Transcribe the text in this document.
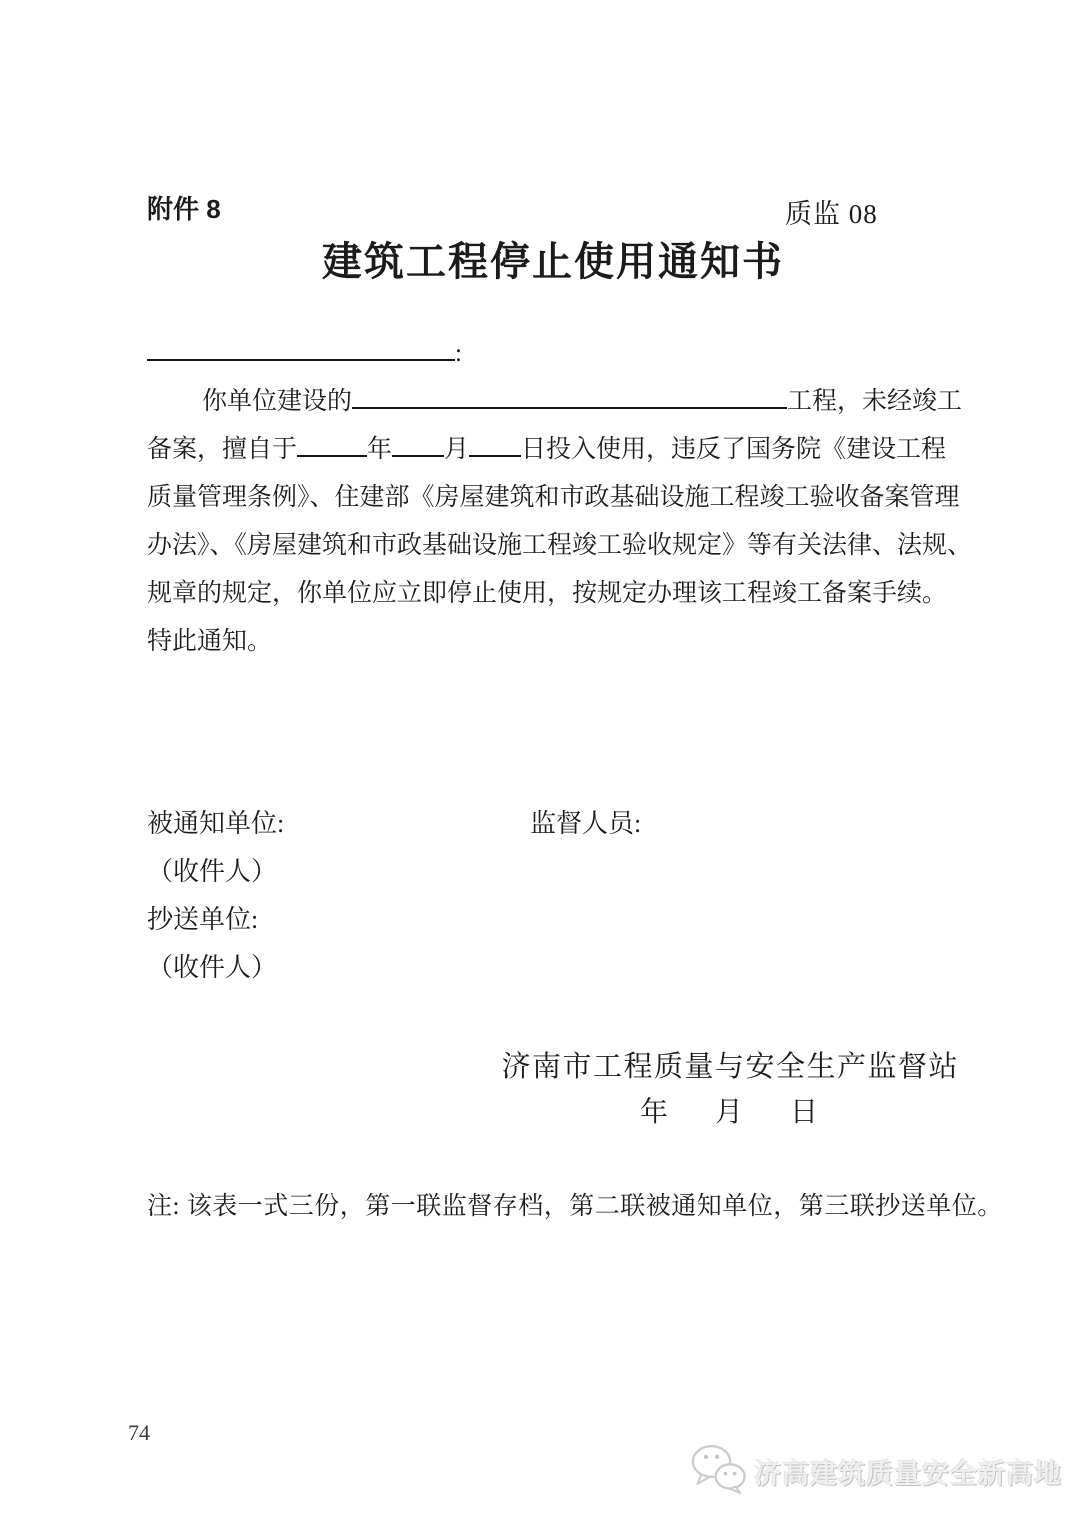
附件 8	质监 08
建筑工程停止使用通知书
:
你单位建设的	工程，未经竣工
备案，擅自于	年 月 日投入使用，违反了国务院《建设工程
质量管理条例》、住建部《房屋建筑和市政基础设施工程竣工验收备案管理
办法》、《房屋建筑和市政基础设施工程竣工验收规定》等有关法律、法规、
规章的规定，你单位应立即停止使用，按规定办理该工程竣工备案手续。
特此通知。
被通知单位:	监督人员:
（收件人）
抄送单位:
（收件人）
济南市工程质量与安全生产监督站
年 月 日
注: 该表一式三份，第一联监督存档，第二联被通知单位，第三联抄送单位。
74
济高建筑质量安全新高地
